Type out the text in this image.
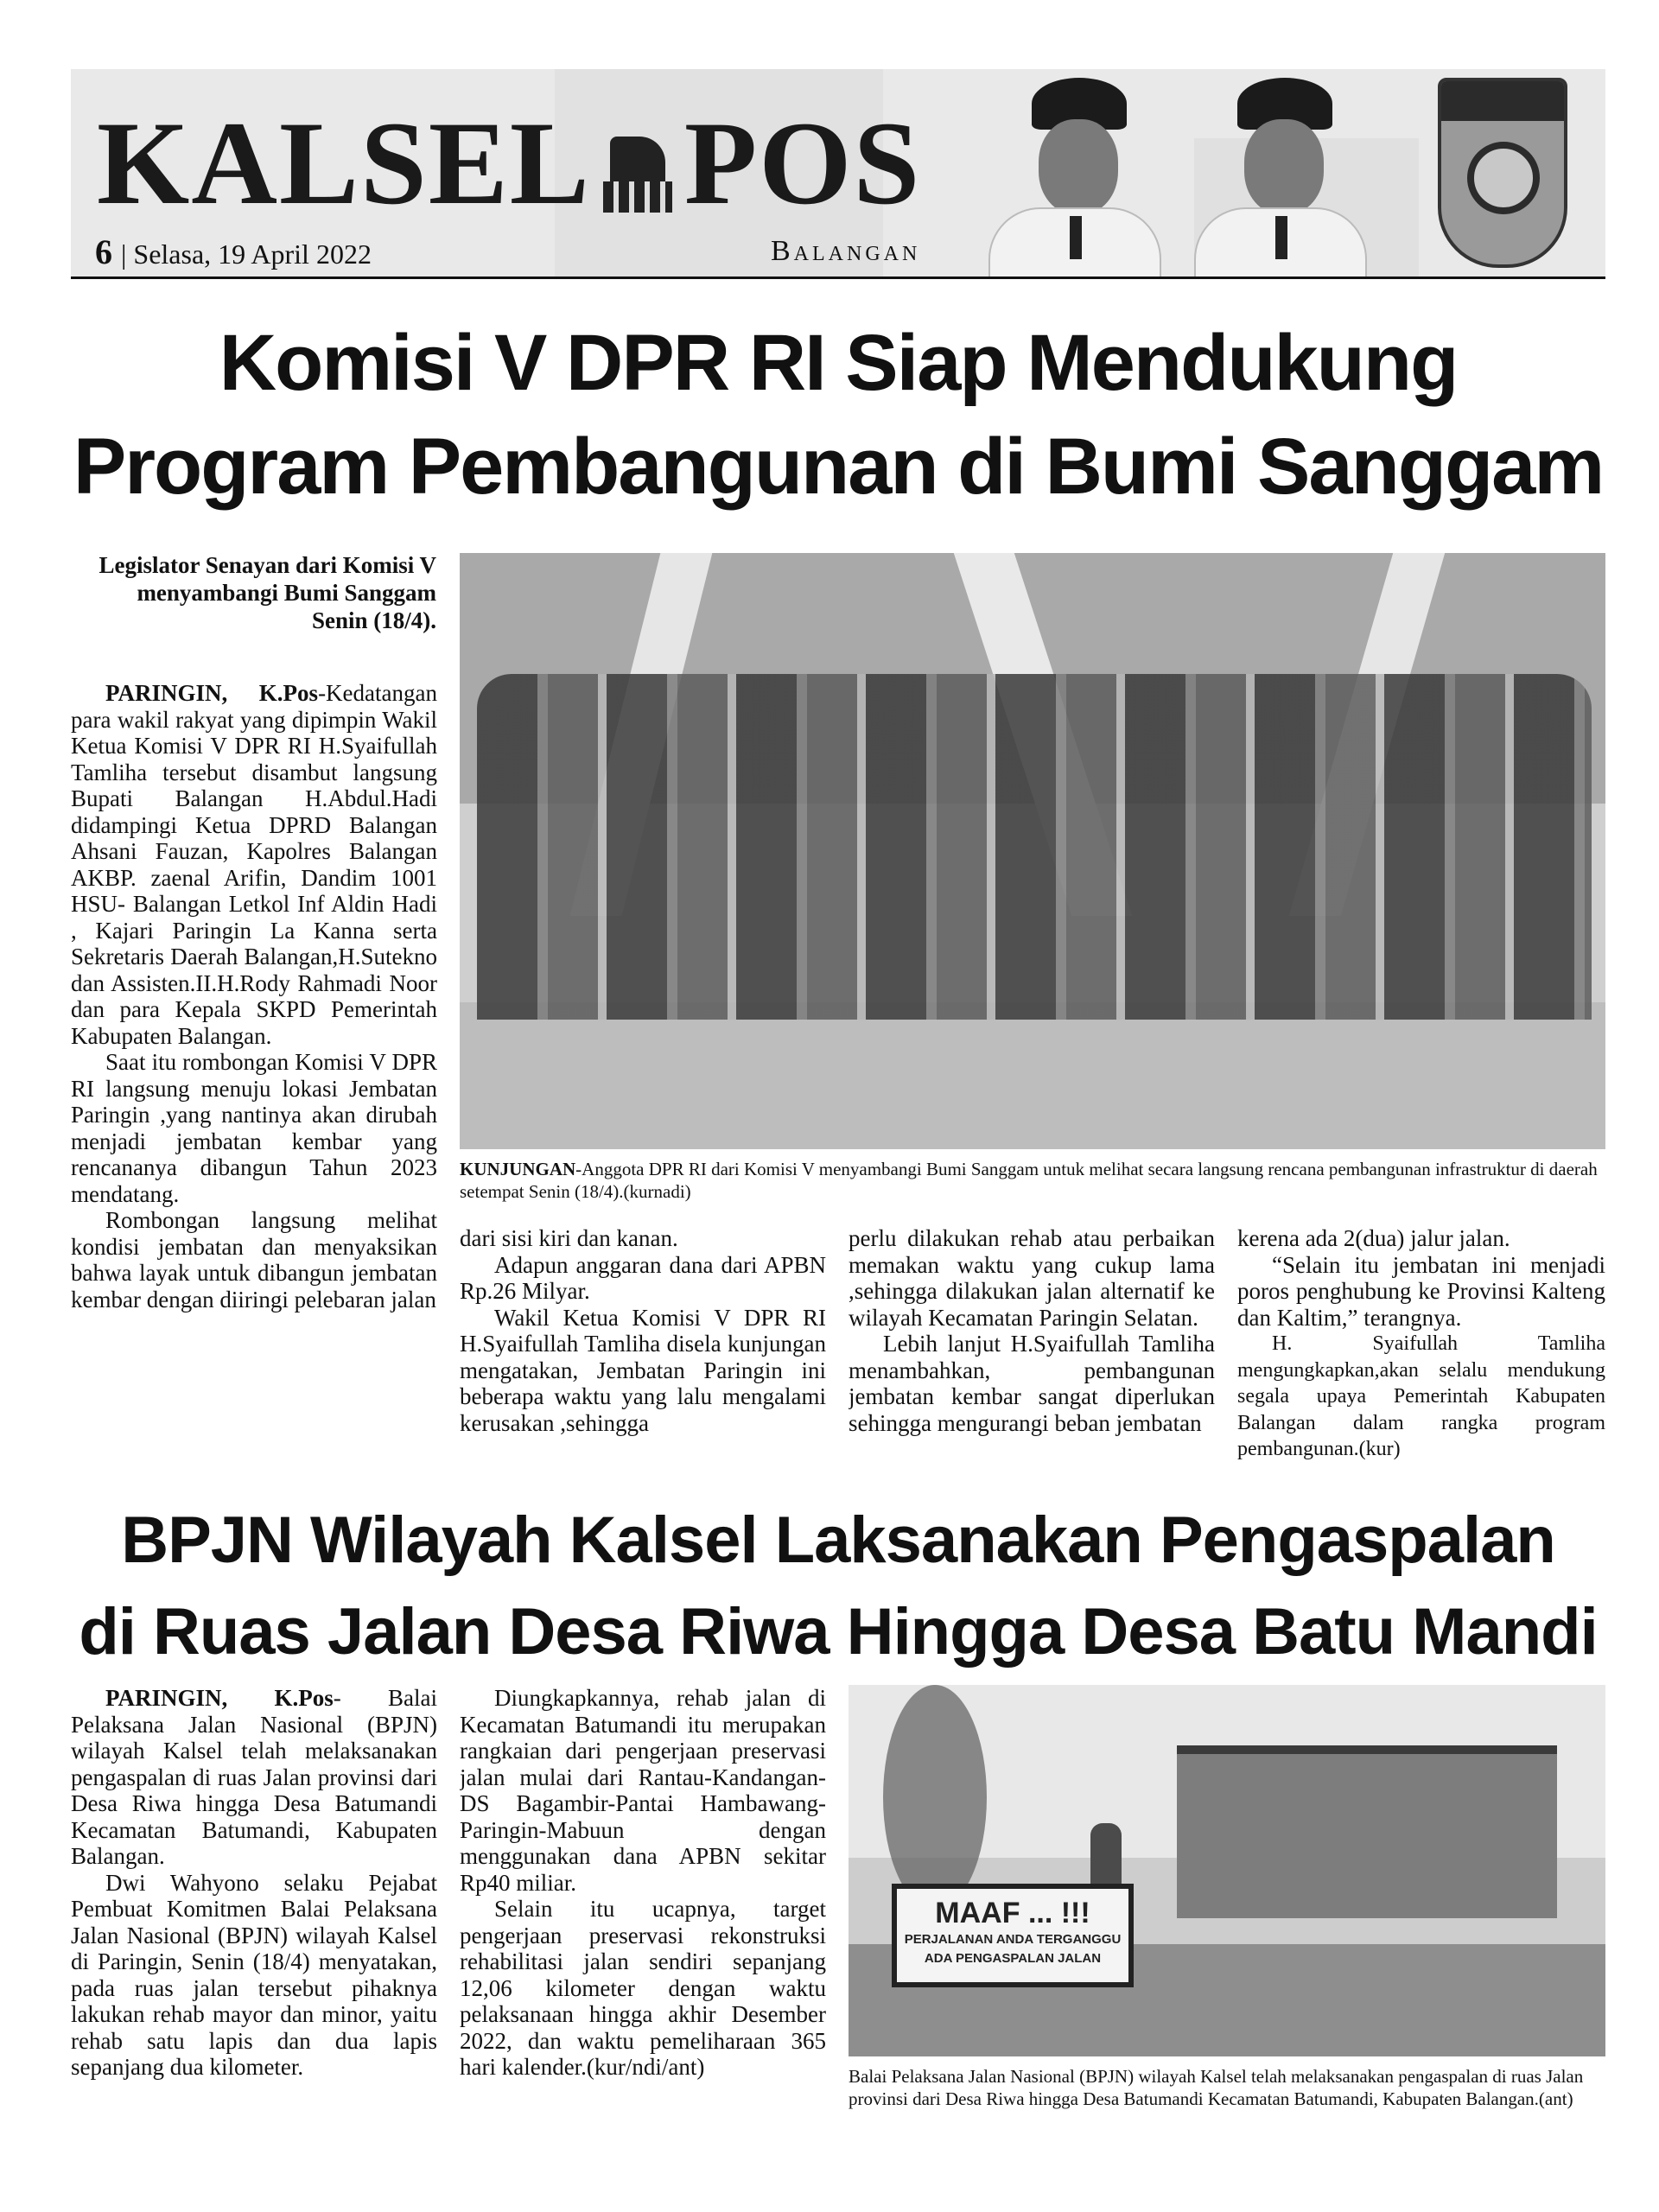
KALSEL POS
6 | Selasa, 19 April 2022	Balangan
Komisi V DPR RI Siap Mendukung
Program Pembangunan di Bumi Sanggam
Legislator Senayan dari Komisi V menyambangi Bumi Sanggam Senin (18/4).
KUNJUNGAN-Anggota DPR RI dari Komisi V menyambangi Bumi Sanggam untuk melihat secara langsung rencana pembangunan infrastruktur di daerah setempat Senin (18/4).(kurnadi)

PARINGIN, K.Pos-Kedatangan para wakil rakyat yang dipimpin Wakil Ketua Komisi V DPR RI H.Syaifullah Tamliha tersebut disambut langsung Bupati Balangan H.Abdul.Hadi didampingi Ketua DPRD Balangan Ahsani Fauzan, Kapolres Balangan AKBP. zaenal Arifin, Dandim 1001 HSU- Balangan Letkol Inf Aldin Hadi , Kajari Paringin La Kanna serta Sekretaris Daerah Balangan,H.Sutekno dan Assisten.II.H.Rody Rahmadi Noor dan para Kepala SKPD Pemerintah Kabupaten Balangan.

Saat itu rombongan Komisi V DPR RI langsung menuju lokasi Jembatan Paringin ,yang nantinya akan dirubah menjadi jembatan kembar yang rencananya dibangun Tahun 2023 mendatang.

Rombongan langsung melihat kondisi jembatan dan menyaksikan bahwa layak untuk dibangun jembatan kembar dengan diiringi pelebaran jalan

dari sisi kiri dan kanan.

Adapun anggaran dana dari APBN Rp.26 Milyar.

Wakil Ketua Komisi V DPR RI H.Syaifullah Tamliha disela kunjungan mengatakan, Jembatan Paringin ini beberapa waktu yang lalu mengalami kerusakan ,sehingga

perlu dilakukan rehab atau perbaikan memakan waktu yang cukup lama ,sehingga dilakukan jalan alternatif ke wilayah Kecamatan Paringin Selatan.

Lebih lanjut H.Syaifullah Tamliha menambahkan, pembangunan jembatan kembar sangat diperlukan sehingga mengurangi beban jembatan

kerena ada 2(dua) jalur jalan.

“Selain itu jembatan ini menjadi poros penghubung ke Provinsi Kalteng dan Kaltim,” terangnya.

H. Syaifullah Tamliha mengungkapkan,akan selalu mendukung segala upaya Pemerintah Kabupaten Balangan dalam rangka program pembangunan.(kur)

BPJN Wilayah Kalsel Laksanakan Pengaspalan
di Ruas Jalan Desa Riwa Hingga Desa Batu Mandi

PARINGIN, K.Pos- Balai Pelaksana Jalan Nasional (BPJN) wilayah Kalsel telah melaksanakan pengaspalan di ruas Jalan provinsi dari Desa Riwa hingga Desa Batumandi Kecamatan Batumandi, Kabupaten Balangan.

Dwi Wahyono selaku Pejabat Pembuat Komitmen Balai Pelaksana Jalan Nasional (BPJN) wilayah Kalsel di Paringin, Senin (18/4) menyatakan, pada ruas jalan tersebut pihaknya lakukan rehab mayor dan minor, yaitu rehab satu lapis dan dua lapis sepanjang dua kilometer.

Diungkapkannya, rehab jalan di Kecamatan Batumandi itu merupakan rangkaian dari pengerjaan preservasi jalan mulai dari Rantau-Kandangan-DS Bagambir-Pantai Hambawang-Paringin-Mabuun dengan menggunakan dana APBN sekitar Rp40 miliar.

Selain itu ucapnya, target pengerjaan preservasi rekonstruksi rehabilitasi jalan sendiri sepanjang 12,06 kilometer dengan waktu pelaksanaan hingga akhir Desember 2022, dan waktu pemeliharaan 365 hari kalender.(kur/ndi/ant)

MAAF ... !!!
PERJALANAN ANDA TERGANGGU
ADA PENGASPALAN JALAN
Balai Pelaksana Jalan Nasional (BPJN) wilayah Kalsel telah melaksanakan pengaspalan di ruas Jalan provinsi dari Desa Riwa hingga Desa Batumandi Kecamatan Batumandi, Kabupaten Balangan.(ant)
